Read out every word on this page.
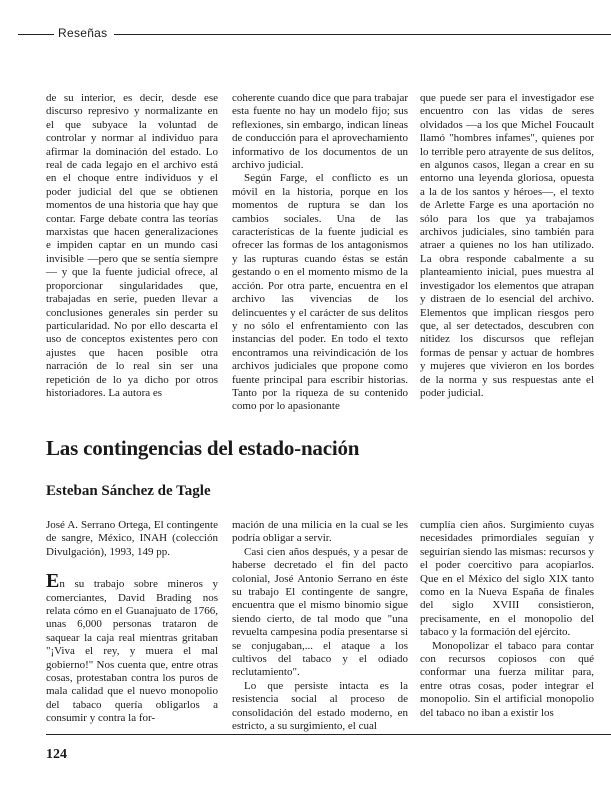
Reseñas

de su interior, es decir, desde ese discurso represivo y normalizante en el que subyace la voluntad de controlar y normar al individuo para afirmar la dominación del estado. Lo real de cada legajo en el archivo está en el choque entre individuos y el poder judicial del que se obtienen momentos de una historia que hay que contar. Farge debate contra las teorías marxistas que hacen generalizaciones e impiden captar en un mundo casi invisible —pero que se sentía siempre— y que la fuente judicial ofrece, al proporcionar singularidades que, trabajadas en serie, pueden llevar a conclusiones generales sin perder su particularidad. No por ello descarta el uso de conceptos existentes pero con ajustes que hacen posible otra narración de lo real sin ser una repetición de lo ya dicho por otros historiadores. La autora es

coherente cuando dice que para trabajar esta fuente no hay un modelo fijo; sus reflexiones, sin embargo, indican líneas de conducción para el aprovechamiento informativo de los documentos de un archivo judicial.

Según Farge, el conflicto es un móvil en la historia, porque en los momentos de ruptura se dan los cambios sociales. Una de las características de la fuente judicial es ofrecer las formas de los antagonismos y las rupturas cuando éstas se están gestando o en el momento mismo de la acción. Por otra parte, encuentra en el archivo las vivencias de los delincuentes y el carácter de sus delitos y no sólo el enfrentamiento con las instancias del poder. En todo el texto encontramos una reivindicación de los archivos judiciales que propone como fuente principal para escribir historias. Tanto por la riqueza de su contenido como por lo apasionante

que puede ser para el investigador ese encuentro con las vidas de seres olvidados —a los que Michel Foucault llamó "hombres infames", quienes por lo terrible pero atrayente de sus delitos, en algunos casos, llegan a crear en su entorno una leyenda gloriosa, opuesta a la de los santos y héroes—, el texto de Arlette Farge es una aportación no sólo para los que ya trabajamos archivos judiciales, sino también para atraer a quienes no los han utilizado. La obra responde cabalmente a su planteamiento inicial, pues muestra al investigador los elementos que atrapan y distraen de lo esencial del archivo. Elementos que implican riesgos pero que, al ser detectados, descubren con nitidez los discursos que reflejan formas de pensar y actuar de hombres y mujeres que vivieron en los bordes de la norma y sus respuestas ante el poder judicial.

Las contingencias del estado-nación
Esteban Sánchez de Tagle

José A. Serrano Ortega, El contingente de sangre, México, INAH (colección Divulgación), 1993, 149 pp.

En su trabajo sobre mineros y comerciantes, David Brading nos relata cómo en el Guanajuato de 1766, unas 6,000 personas trataron de saquear la caja real mientras gritaban "¡Viva el rey, y muera el mal gobierno!" Nos cuenta que, entre otras cosas, protestaban contra los puros de mala calidad que el nuevo monopolio del tabaco quería obligarlos a consumir y contra la for-

mación de una milicia en la cual se les podría obligar a servir.

Casi cien años después, y a pesar de haberse decretado el fin del pacto colonial, José Antonio Serrano en éste su trabajo El contingente de sangre, encuentra que el mismo binomio sigue siendo cierto, de tal modo que "una revuelta campesina podía presentarse si se conjugaban,... el ataque a los cultivos del tabaco y el odiado reclutamiento".

Lo que persiste intacta es la resistencia social al proceso de consolidación del estado moderno, en estricto, a su surgimiento, el cual

cumplía cien años. Surgimiento cuyas necesidades primordiales seguían y seguirían siendo las mismas: recursos y el poder coercitivo para acopiarlos. Que en el México del siglo XIX tanto como en la Nueva España de finales del siglo XVIII consistieron, precisamente, en el monopolio del tabaco y la formación del ejército.

Monopolizar el tabaco para contar con recursos copiosos con qué conformar una fuerza militar para, entre otras cosas, poder integrar el monopolio. Sin el artificial monopolio del tabaco no iban a existir los

124
